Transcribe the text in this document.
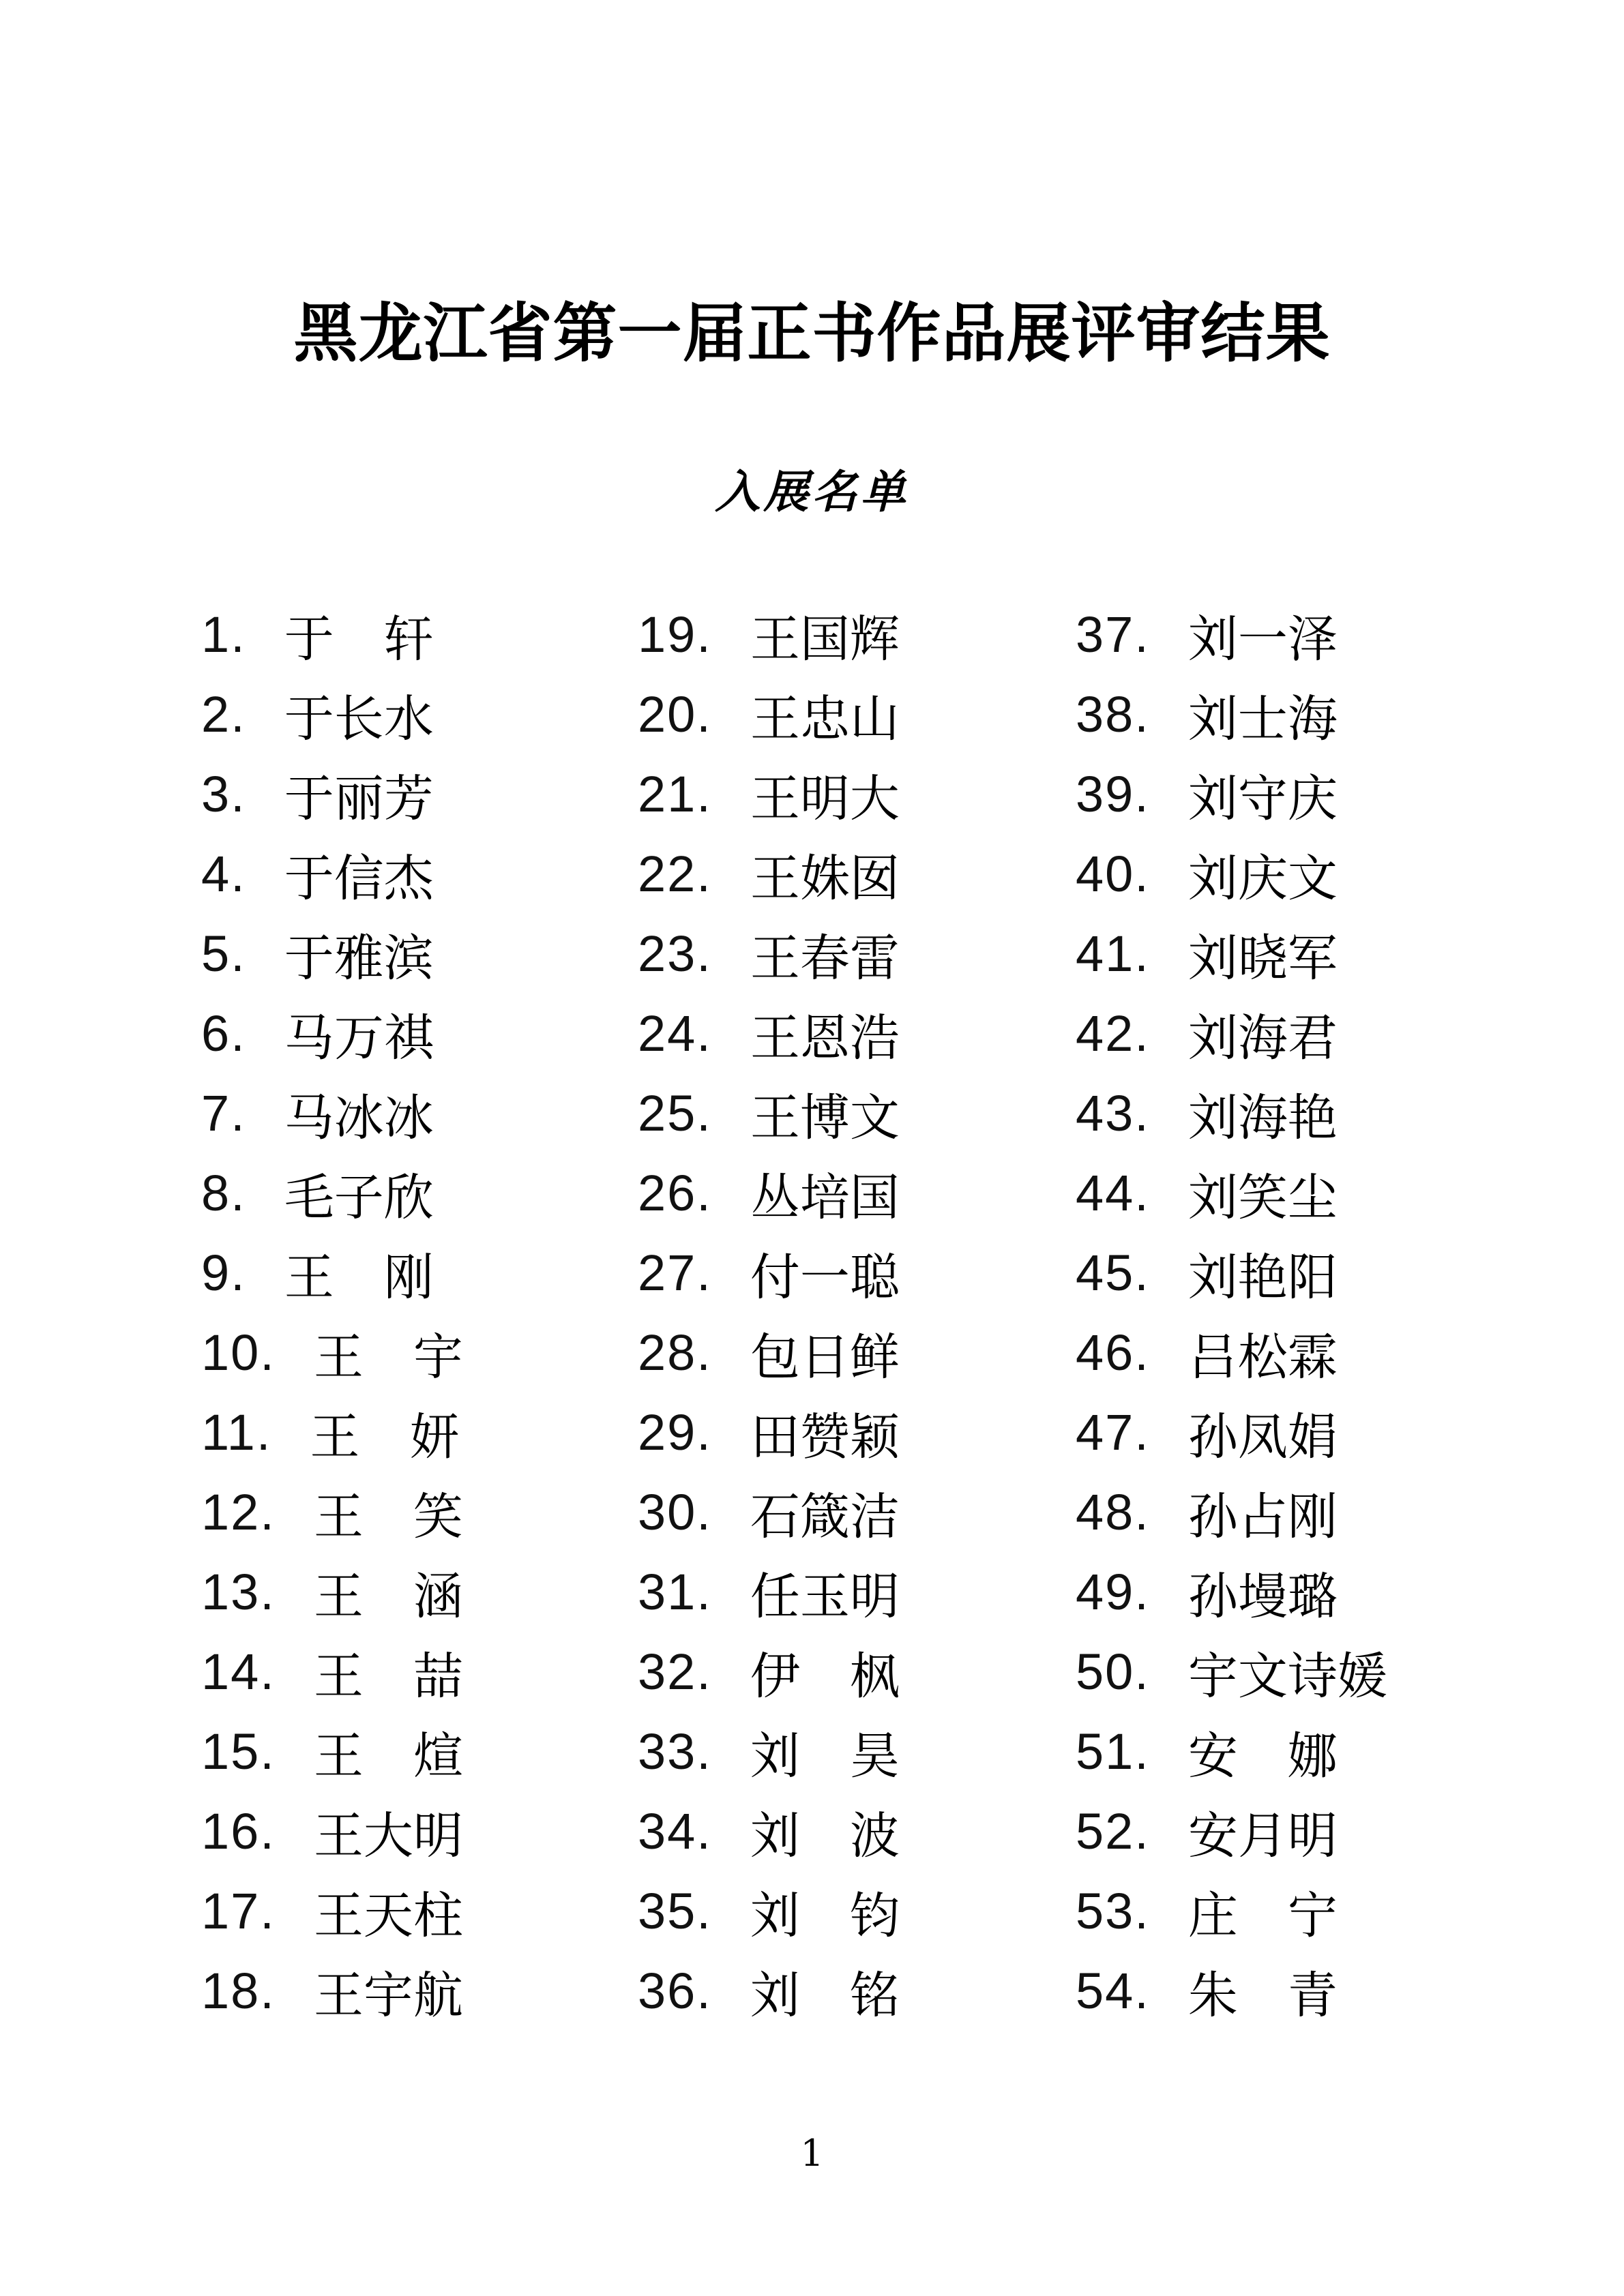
黑龙江省第一届正书作品展评审结果
入展名单
1. 于　轩
2. 于长水
3. 于丽芳
4. 于信杰
5. 于雅滨
6. 马万祺
7. 马冰冰
8. 毛子欣
9. 王　刚
10. 王　宇
11. 王　妍
12. 王　笑
13. 王　涵
14. 王　喆
15. 王　煊
16. 王大明
17. 王天柱
18. 王宇航
19. 王国辉
20. 王忠山
21. 王明大
22. 王姝囡
23. 王春雷
24. 王恩浩
25. 王博文
26. 丛培国
27. 付一聪
28. 包日鲜
29. 田赞颖
30. 石箴洁
31. 任玉明
32. 伊　枫
33. 刘　昊
34. 刘　波
35. 刘　钧
36. 刘　铭
37. 刘一泽
38. 刘士海
39. 刘守庆
40. 刘庆文
41. 刘晓军
42. 刘海君
43. 刘海艳
44. 刘笑尘
45. 刘艳阳
46. 吕松霖
47. 孙凤娟
48. 孙占刚
49. 孙墁璐
50. 宇文诗媛
51. 安　娜
52. 安月明
53. 庄　宁
54. 朱　青
1
